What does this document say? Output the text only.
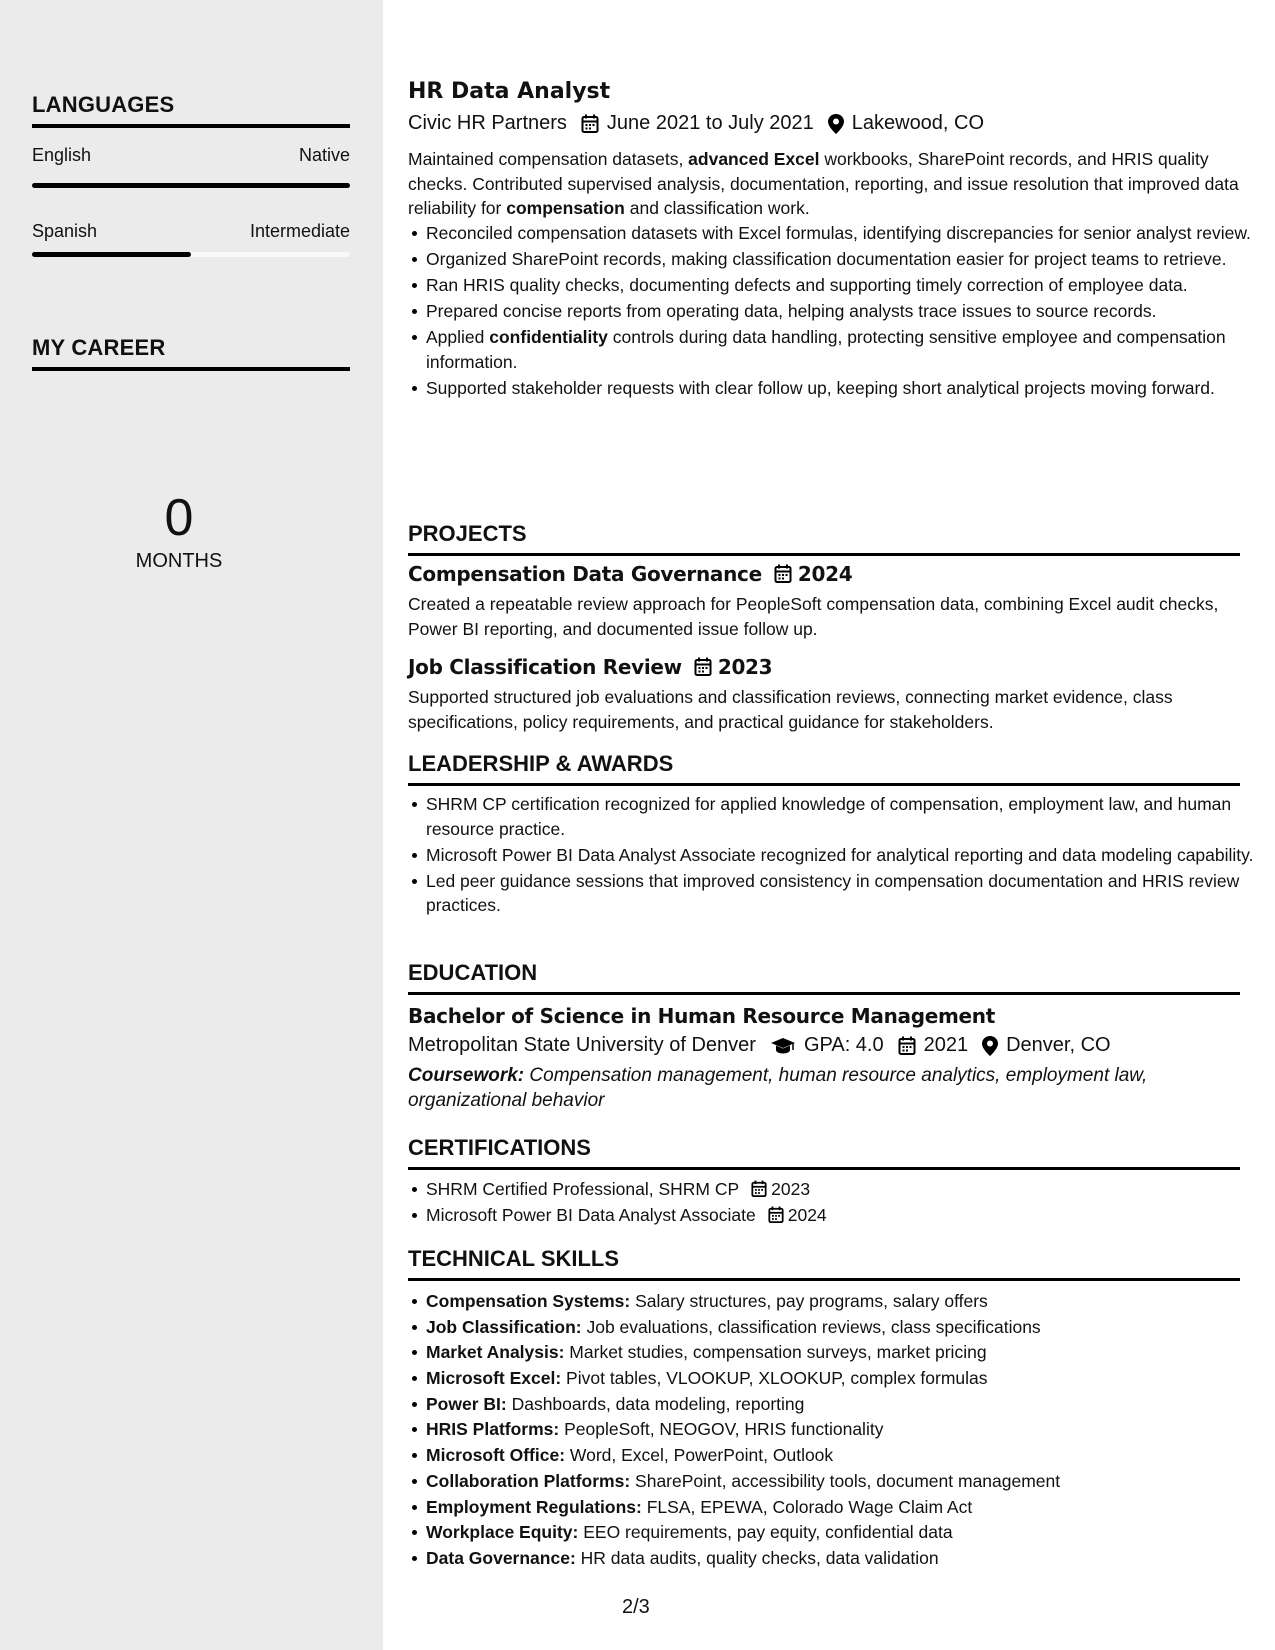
LANGUAGES
English	Native
Spanish	Intermediate
MY CAREER
0
MONTHS
HR Data Analyst
Civic HR Partners June 2021 to July 2021 Lakewood, CO
Maintained compensation datasets, advanced Excel workbooks, SharePoint records, and HRIS quality checks. Contributed supervised analysis, documentation, reporting, and issue resolution that improved data reliability for compensation and classification work.
Reconciled compensation datasets with Excel formulas, identifying discrepancies for senior analyst review.
Organized SharePoint records, making classification documentation easier for project teams to retrieve.
Ran HRIS quality checks, documenting defects and supporting timely correction of employee data.
Prepared concise reports from operating data, helping analysts trace issues to source records.
Applied confidentiality controls during data handling, protecting sensitive employee and compensation information.
Supported stakeholder requests with clear follow up, keeping short analytical projects moving forward.
PROJECTS
Compensation Data Governance 2024
Created a repeatable review approach for PeopleSoft compensation data, combining Excel audit checks, Power BI reporting, and documented issue follow up.
Job Classification Review 2023
Supported structured job evaluations and classification reviews, connecting market evidence, class specifications, policy requirements, and practical guidance for stakeholders.
LEADERSHIP & AWARDS
SHRM CP certification recognized for applied knowledge of compensation, employment law, and human resource practice.
Microsoft Power BI Data Analyst Associate recognized for analytical reporting and data modeling capability.
Led peer guidance sessions that improved consistency in compensation documentation and HRIS review practices.
EDUCATION
Bachelor of Science in Human Resource Management
Metropolitan State University of Denver GPA: 4.0 2021 Denver, CO
Coursework: Compensation management, human resource analytics, employment law, organizational behavior
CERTIFICATIONS
SHRM Certified Professional, SHRM CP 2023
Microsoft Power BI Data Analyst Associate 2024
TECHNICAL SKILLS
Compensation Systems: Salary structures, pay programs, salary offers
Job Classification: Job evaluations, classification reviews, class specifications
Market Analysis: Market studies, compensation surveys, market pricing
Microsoft Excel: Pivot tables, VLOOKUP, XLOOKUP, complex formulas
Power BI: Dashboards, data modeling, reporting
HRIS Platforms: PeopleSoft, NEOGOV, HRIS functionality
Microsoft Office: Word, Excel, PowerPoint, Outlook
Collaboration Platforms: SharePoint, accessibility tools, document management
Employment Regulations: FLSA, EPEWA, Colorado Wage Claim Act
Workplace Equity: EEO requirements, pay equity, confidential data
Data Governance: HR data audits, quality checks, data validation
2/3
